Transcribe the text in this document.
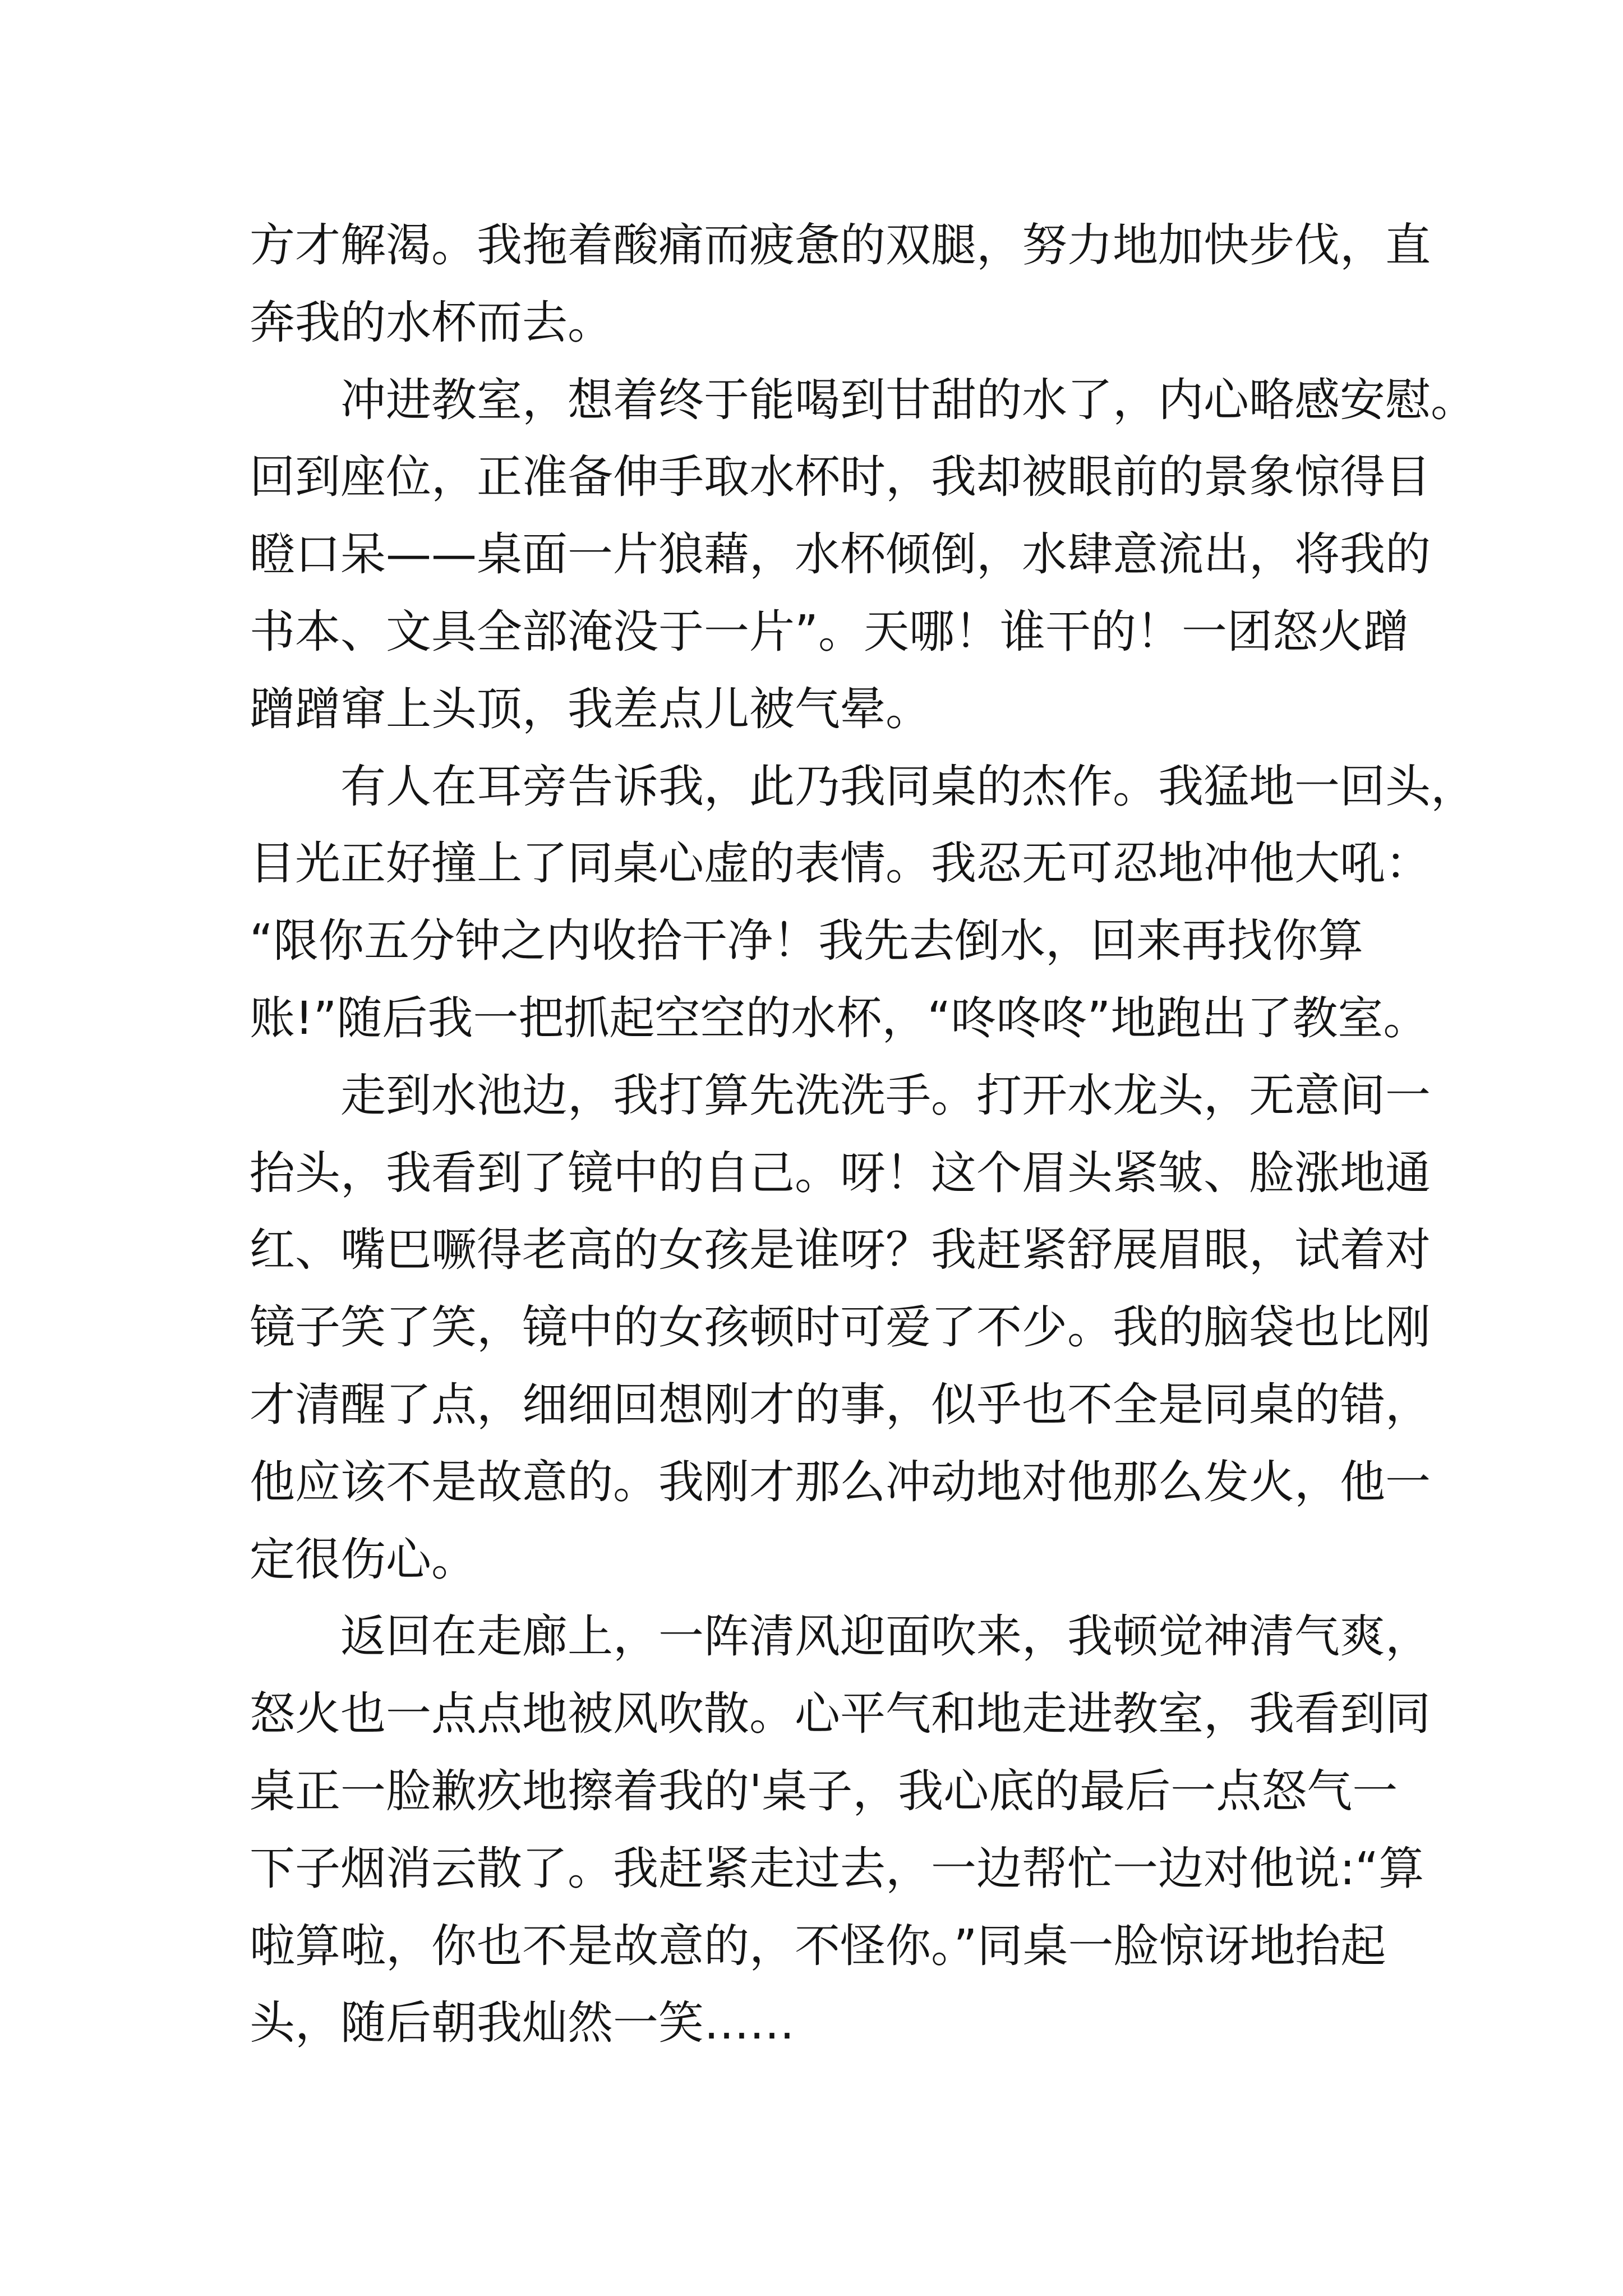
方才解渴。我拖着酸痛而疲惫的双腿，努力地加快步伐，直
奔我的水杯而去。
冲进教室，想着终于能喝到甘甜的水了，内心略感安慰。
回到座位，正准备伸手取水杯时，我却被眼前的景象惊得目
瞪口呆——桌面一片狼藉，水杯倾倒，水肆意流出，将我的
书本、文具全部淹没于一片”。天哪！谁干的！一团怒火蹭
蹭蹭窜上头顶，我差点儿被气晕。
有人在耳旁告诉我，此乃我同桌的杰作。我猛地一回头，
目光正好撞上了同桌心虚的表情。我忍无可忍地冲他大吼：
“限你五分钟之内收拾干净！我先去倒水，回来再找你算
账!”随后我一把抓起空空的水杯，“咚咚咚”地跑出了教室。
走到水池边，我打算先洗洗手。打开水龙头，无意间一
抬头，我看到了镜中的自己。呀！这个眉头紧皱、脸涨地通
红、嘴巴噘得老高的女孩是谁呀？我赶紧舒展眉眼，试着对
镜子笑了笑，镜中的女孩顿时可爱了不少。我的脑袋也比刚
才清醒了点，细细回想刚才的事，似乎也不全是同桌的错，
他应该不是故意的。我刚才那么冲动地对他那么发火，他一
定很伤心。
返回在走廊上，一阵清风迎面吹来，我顿觉神清气爽，
怒火也一点点地被风吹散。心平气和地走进教室，我看到同
桌正一脸歉疚地擦着我的'桌子，我心底的最后一点怒气一
下子烟消云散了。我赶紧走过去，一边帮忙一边对他说:“算
啦算啦，你也不是故意的，不怪你。”同桌一脸惊讶地抬起
头，随后朝我灿然一笑……
